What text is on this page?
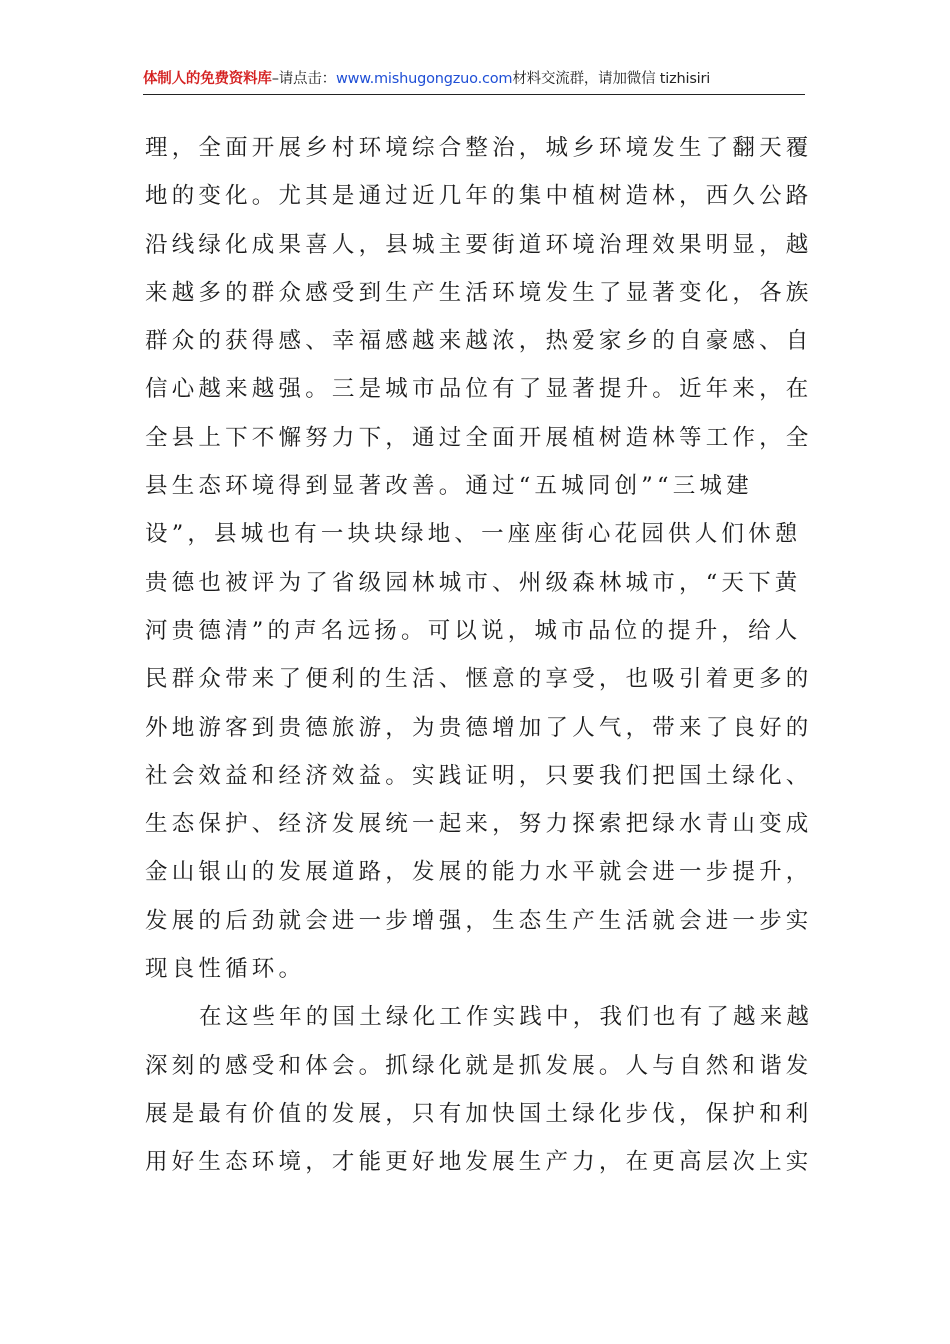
体制人的免费资料库–请点击：www.mishugongzuo.com材料交流群，请加微信 tizhisiri
理，全面开展乡村环境综合整治，城乡环境发生了翻天覆
地的变化。尤其是通过近几年的集中植树造林，西久公路
沿线绿化成果喜人，县城主要街道环境治理效果明显，越
来越多的群众感受到生产生活环境发生了显著变化，各族
群众的获得感、幸福感越来越浓，热爱家乡的自豪感、自
信心越来越强。三是城市品位有了显著提升。近年来，在
全县上下不懈努力下，通过全面开展植树造林等工作，全
县生态环境得到显著改善。通过“五城同创”“三城建
设”，县城也有一块块绿地、一座座街心花园供人们休憩
贵德也被评为了省级园林城市、州级森林城市，“天下黄
河贵德清”的声名远扬。可以说，城市品位的提升，给人
民群众带来了便利的生活、惬意的享受，也吸引着更多的
外地游客到贵德旅游，为贵德增加了人气，带来了良好的
社会效益和经济效益。实践证明，只要我们把国土绿化、
生态保护、经济发展统一起来，努力探索把绿水青山变成
金山银山的发展道路，发展的能力水平就会进一步提升，
发展的后劲就会进一步增强，生态生产生活就会进一步实
现良性循环。
在这些年的国土绿化工作实践中，我们也有了越来越
深刻的感受和体会。抓绿化就是抓发展。人与自然和谐发
展是最有价值的发展，只有加快国土绿化步伐，保护和利
用好生态环境，才能更好地发展生产力，在更高层次上实
